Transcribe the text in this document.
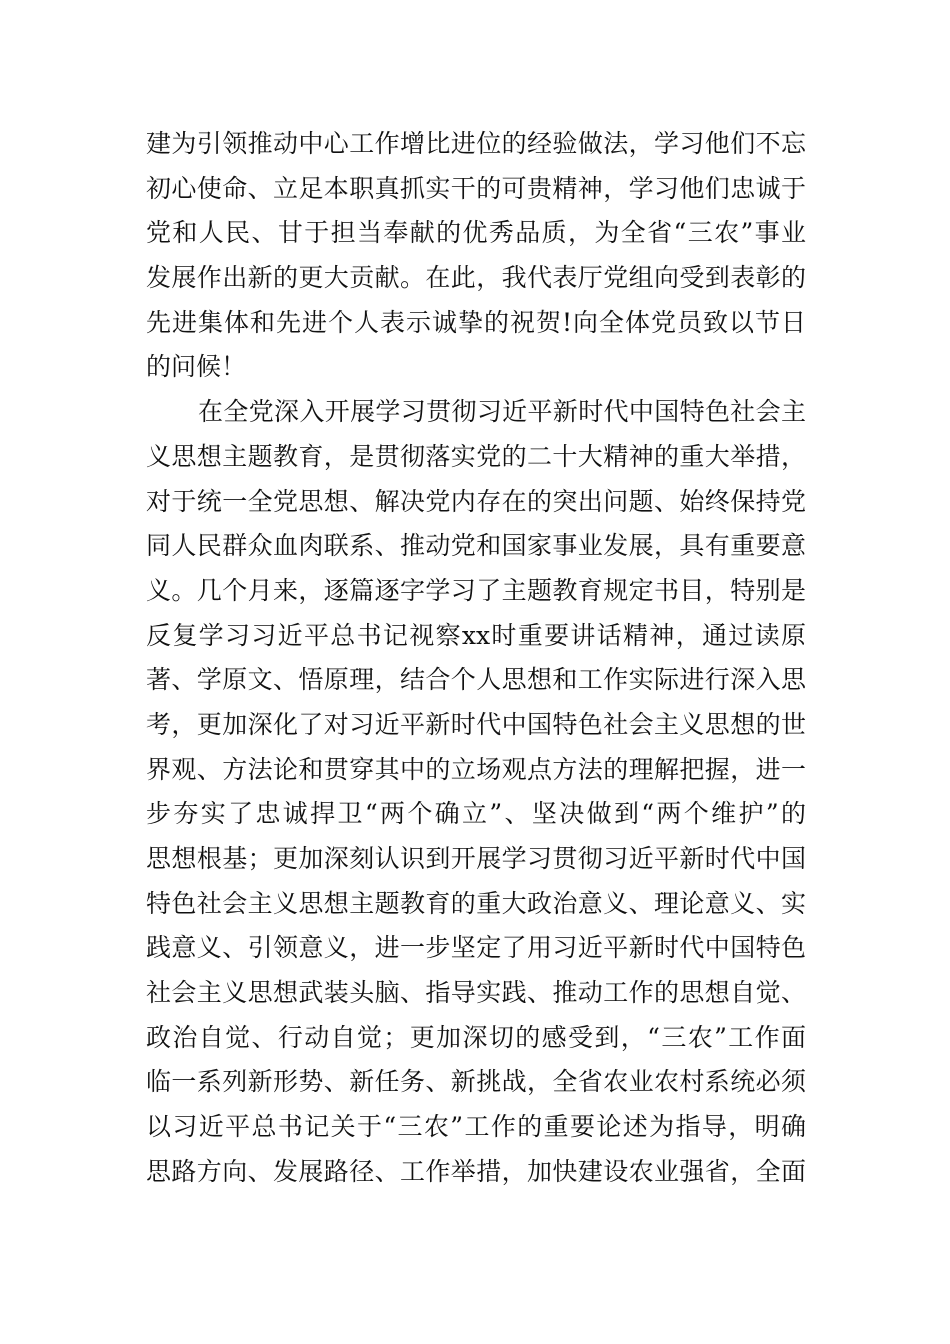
建为引领推动中心工作增比进位的经验做法，学习他们不忘
初心使命、立足本职真抓实干的可贵精神，学习他们忠诚于
党和人民、甘于担当奉献的优秀品质，为全省“三农”事业
发展作出新的更大贡献。在此，我代表厅党组向受到表彰的
先进集体和先进个人表示诚挚的祝贺!向全体党员致以节日
的问候！
在全党深入开展学习贯彻习近平新时代中国特色社会主
义思想主题教育，是贯彻落实党的二十大精神的重大举措，
对于统一全党思想、解决党内存在的突出问题、始终保持党
同人民群众血肉联系、推动党和国家事业发展，具有重要意
义。几个月来，逐篇逐字学习了主题教育规定书目，特别是
反复学习习近平总书记视察xx时重要讲话精神，通过读原
著、学原文、悟原理，结合个人思想和工作实际进行深入思
考，更加深化了对习近平新时代中国特色社会主义思想的世
界观、方法论和贯穿其中的立场观点方法的理解把握，进一
步夯实了忠诚捍卫“两个确立”、坚决做到“两个维护”的
思想根基；更加深刻认识到开展学习贯彻习近平新时代中国
特色社会主义思想主题教育的重大政治意义、理论意义、实
践意义、引领意义，进一步坚定了用习近平新时代中国特色
社会主义思想武装头脑、指导实践、推动工作的思想自觉、
政治自觉、行动自觉；更加深切的感受到，“三农”工作面
临一系列新形势、新任务、新挑战，全省农业农村系统必须
以习近平总书记关于“三农”工作的重要论述为指导，明确
思路方向、发展路径、工作举措，加快建设农业强省，全面
